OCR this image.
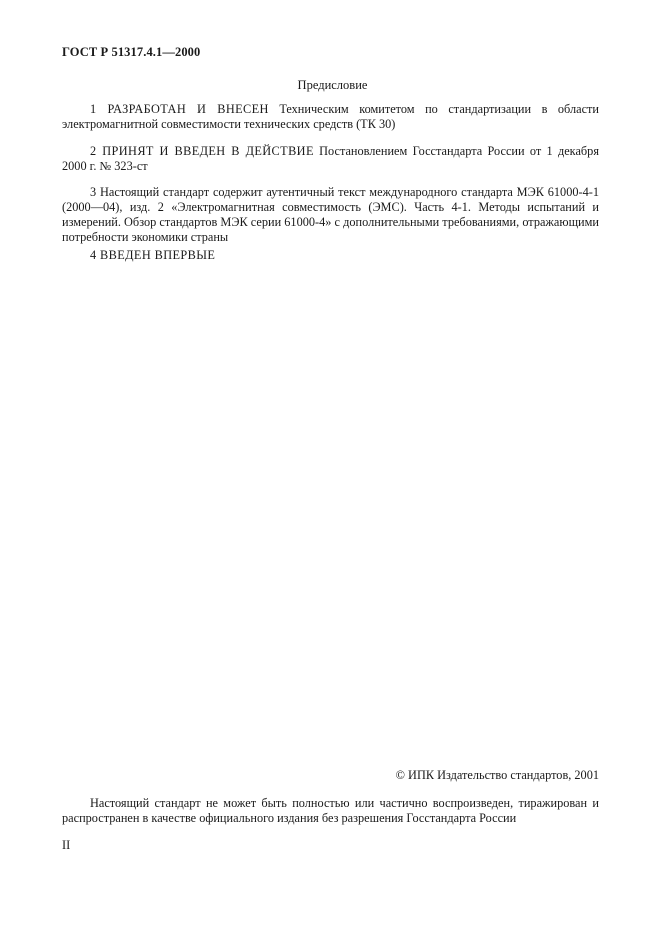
ГОСТ Р 51317.4.1—2000
Предисловие
1 РАЗРАБОТАН И ВНЕСЕН Техническим комитетом по стандартизации в области электромагнитной совместимости технических средств (ТК 30)
2 ПРИНЯТ И ВВЕДЕН В ДЕЙСТВИЕ Постановлением Госстандарта России от 1 декабря 2000 г. № 323-ст
3 Настоящий стандарт содержит аутентичный текст международного стандарта МЭК 61000-4-1 (2000—04), изд. 2 «Электромагнитная совместимость (ЭМС). Часть 4-1. Методы испытаний и измерений. Обзор стандартов МЭК серии 61000-4» с дополнительными требованиями, отражающими потребности экономики страны
4 ВВЕДЕН ВПЕРВЫЕ
© ИПК Издательство стандартов, 2001
Настоящий стандарт не может быть полностью или частично воспроизведен, тиражирован и распространен в качестве официального издания без разрешения Госстандарта России
II
